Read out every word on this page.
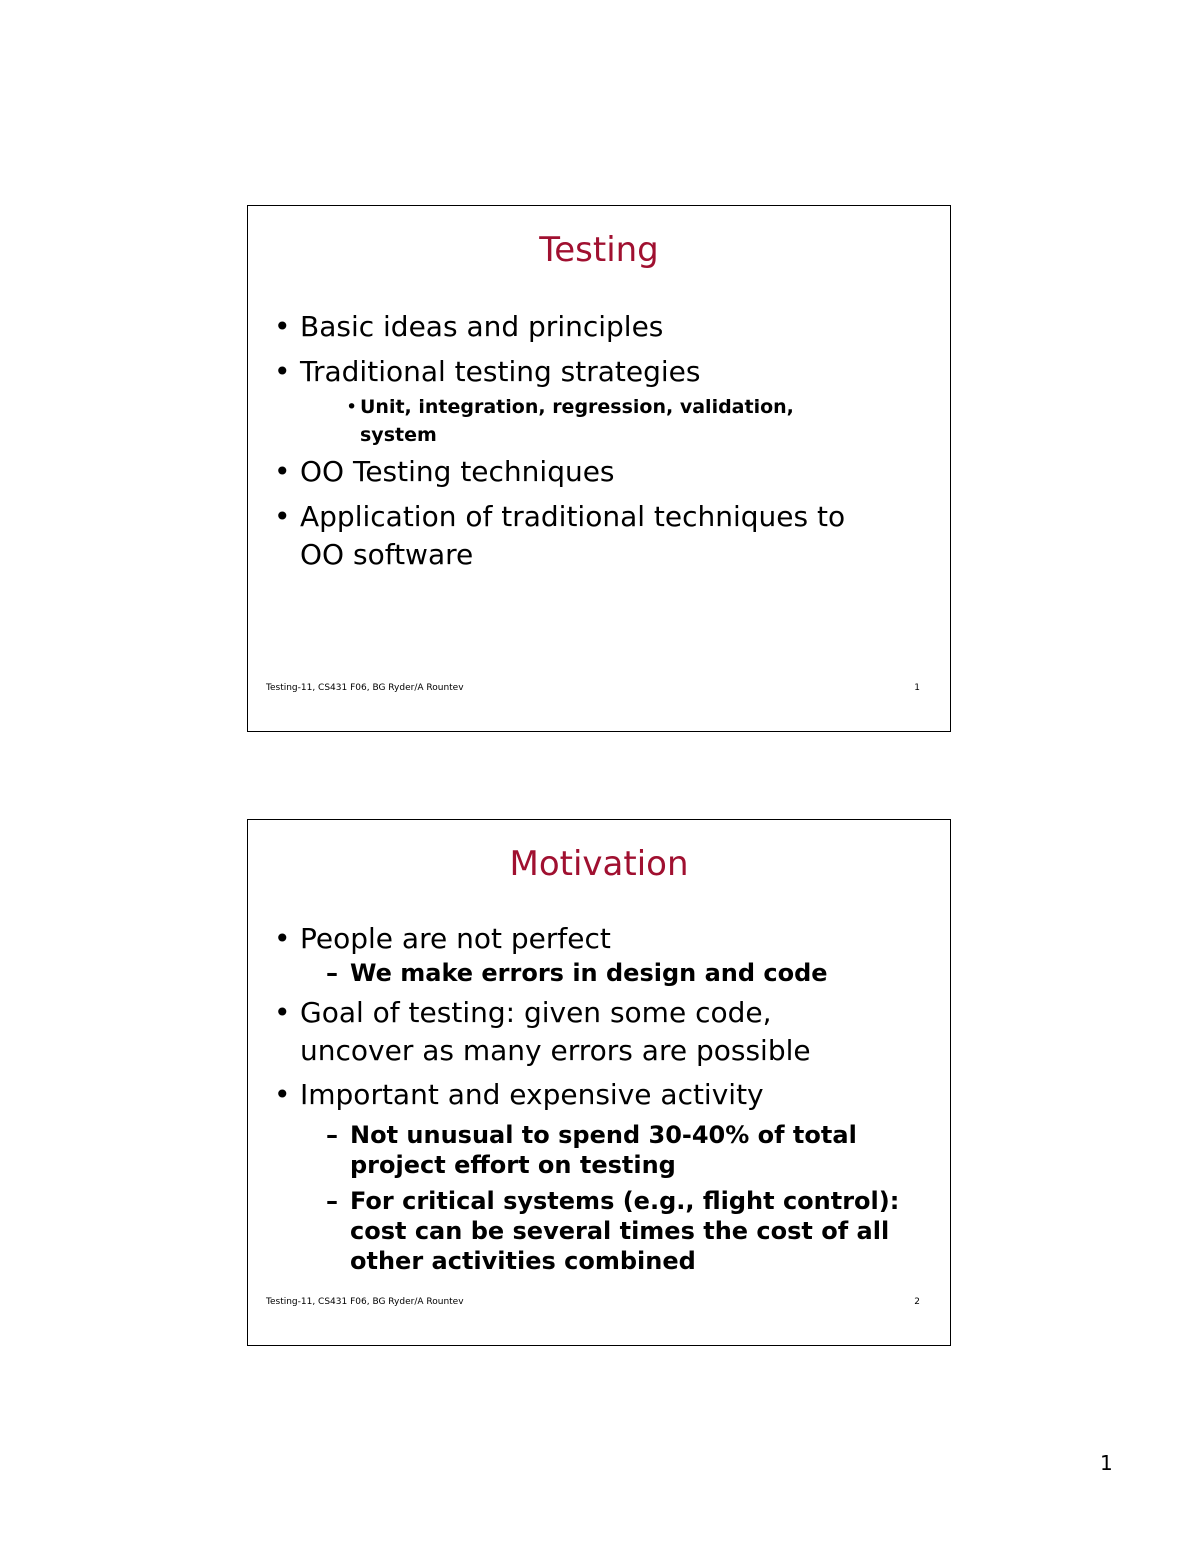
Testing
• Basic ideas and principles
• Traditional testing strategies
• Unit, integration, regression, validation,
system
• OO Testing techniques
• Application of traditional techniques to
OO software
Testing-11, CS431 F06, BG Ryder/A Rountev	1
Motivation
• People are not perfect
– We make errors in design and code
• Goal of testing: given some code,
uncover as many errors are possible
• Important and expensive activity
– Not unusual to spend 30-40% of total
project effort on testing
– For critical systems (e.g., flight control):
cost can be several times the cost of all
other activities combined
Testing-11, CS431 F06, BG Ryder/A Rountev	2
1
